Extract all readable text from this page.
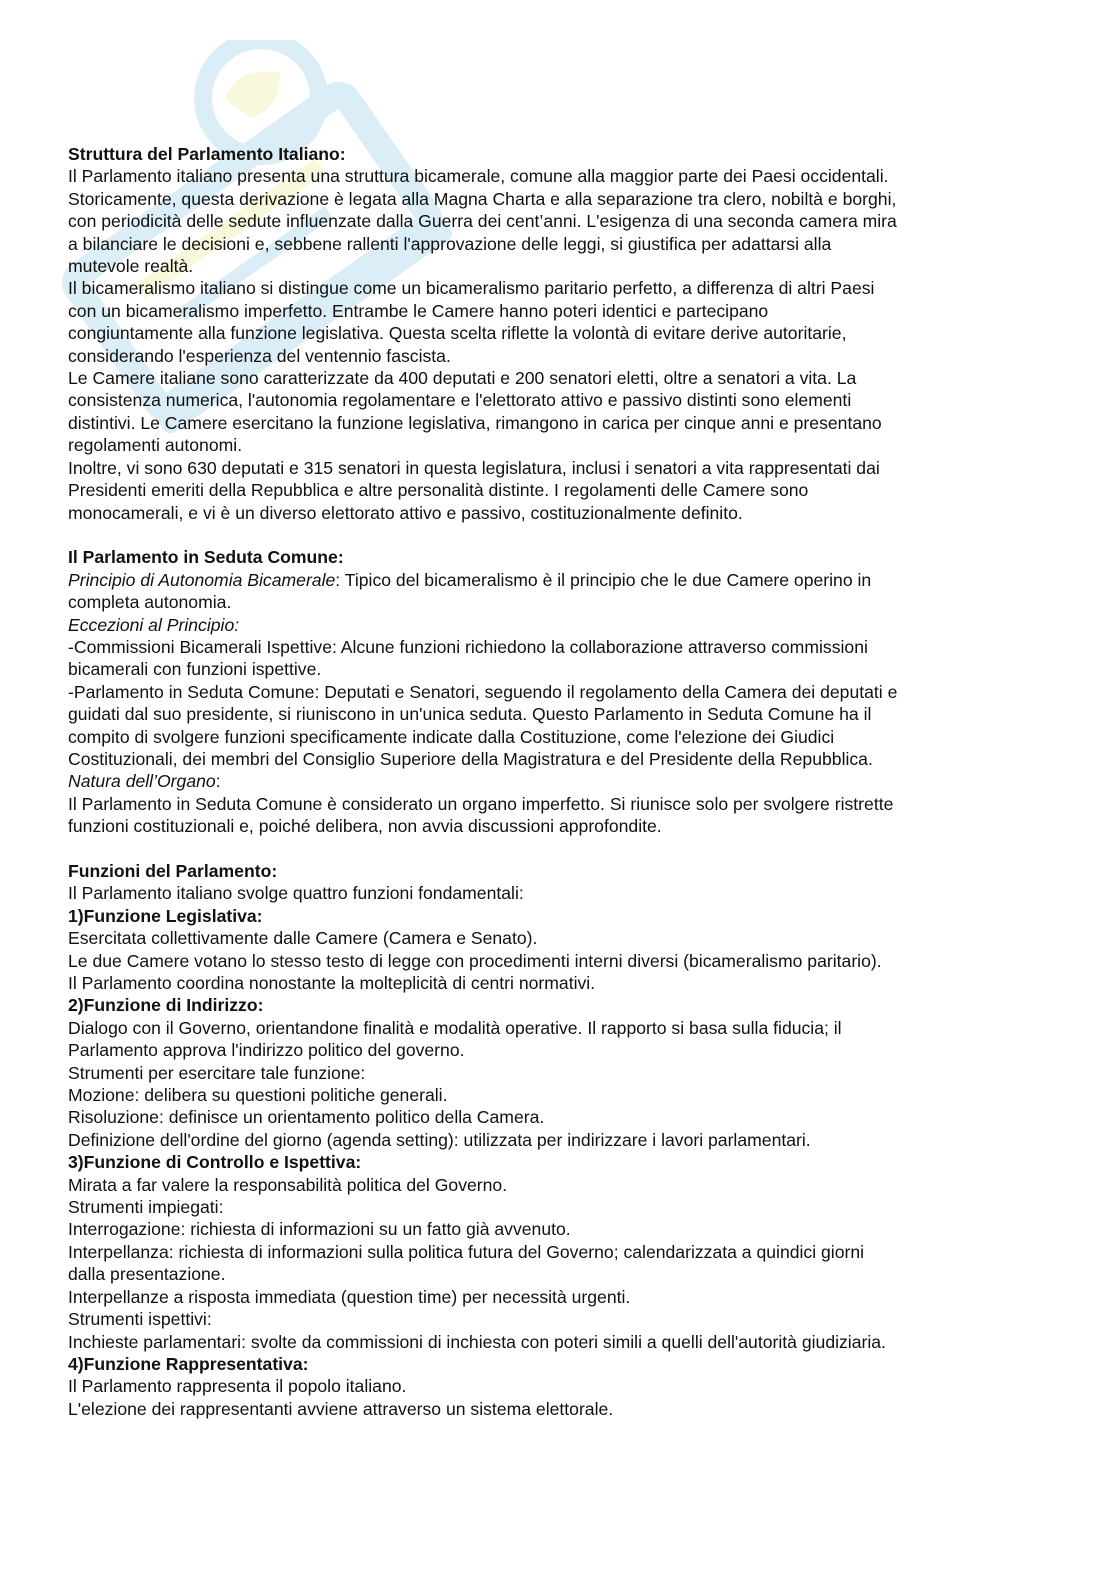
Struttura del Parlamento Italiano:
Il Parlamento italiano presenta una struttura bicamerale, comune alla maggior parte dei Paesi occidentali.
Storicamente, questa derivazione è legata alla Magna Charta e alla separazione tra clero, nobiltà e borghi,
con periodicità delle sedute influenzate dalla Guerra dei cent’anni. L'esigenza di una seconda camera mira
a bilanciare le decisioni e, sebbene rallenti l'approvazione delle leggi, si giustifica per adattarsi alla
mutevole realtà.
Il bicameralismo italiano si distingue come un bicameralismo paritario perfetto, a differenza di altri Paesi
con un bicameralismo imperfetto. Entrambe le Camere hanno poteri identici e partecipano
congiuntamente alla funzione legislativa. Questa scelta riflette la volontà di evitare derive autoritarie,
considerando l'esperienza del ventennio fascista.
Le Camere italiane sono caratterizzate da 400 deputati e 200 senatori eletti, oltre a senatori a vita. La
consistenza numerica, l'autonomia regolamentare e l'elettorato attivo e passivo distinti sono elementi
distintivi. Le Camere esercitano la funzione legislativa, rimangono in carica per cinque anni e presentano
regolamenti autonomi.
Inoltre, vi sono 630 deputati e 315 senatori in questa legislatura, inclusi i senatori a vita rappresentati dai
Presidenti emeriti della Repubblica e altre personalità distinte. I regolamenti delle Camere sono
monocamerali, e vi è un diverso elettorato attivo e passivo, costituzionalmente definito.
Il Parlamento in Seduta Comune:
Principio di Autonomia Bicamerale: Tipico del bicameralismo è il principio che le due Camere operino in
completa autonomia.
Eccezioni al Principio:
-Commissioni Bicamerali Ispettive: Alcune funzioni richiedono la collaborazione attraverso commissioni
bicamerali con funzioni ispettive.
-Parlamento in Seduta Comune: Deputati e Senatori, seguendo il regolamento della Camera dei deputati e
guidati dal suo presidente, si riuniscono in un'unica seduta. Questo Parlamento in Seduta Comune ha il
compito di svolgere funzioni specificamente indicate dalla Costituzione, come l'elezione dei Giudici
Costituzionali, dei membri del Consiglio Superiore della Magistratura e del Presidente della Repubblica.
Natura dell’Organo:
Il Parlamento in Seduta Comune è considerato un organo imperfetto. Si riunisce solo per svolgere ristrette
funzioni costituzionali e, poiché delibera, non avvia discussioni approfondite.
Funzioni del Parlamento:
Il Parlamento italiano svolge quattro funzioni fondamentali:
1)Funzione Legislativa:
Esercitata collettivamente dalle Camere (Camera e Senato).
Le due Camere votano lo stesso testo di legge con procedimenti interni diversi (bicameralismo paritario).
Il Parlamento coordina nonostante la molteplicità di centri normativi.
2)Funzione di Indirizzo:
Dialogo con il Governo, orientandone finalità e modalità operative. Il rapporto si basa sulla fiducia; il
Parlamento approva l'indirizzo politico del governo.
Strumenti per esercitare tale funzione:
Mozione: delibera su questioni politiche generali.
Risoluzione: definisce un orientamento politico della Camera.
Definizione dell'ordine del giorno (agenda setting): utilizzata per indirizzare i lavori parlamentari.
3)Funzione di Controllo e Ispettiva:
Mirata a far valere la responsabilità politica del Governo.
Strumenti impiegati:
Interrogazione: richiesta di informazioni su un fatto già avvenuto.
Interpellanza: richiesta di informazioni sulla politica futura del Governo; calendarizzata a quindici giorni
dalla presentazione.
Interpellanze a risposta immediata (question time) per necessità urgenti.
Strumenti ispettivi:
Inchieste parlamentari: svolte da commissioni di inchiesta con poteri simili a quelli dell'autorità giudiziaria.
4)Funzione Rappresentativa:
Il Parlamento rappresenta il popolo italiano.
L'elezione dei rappresentanti avviene attraverso un sistema elettorale.
